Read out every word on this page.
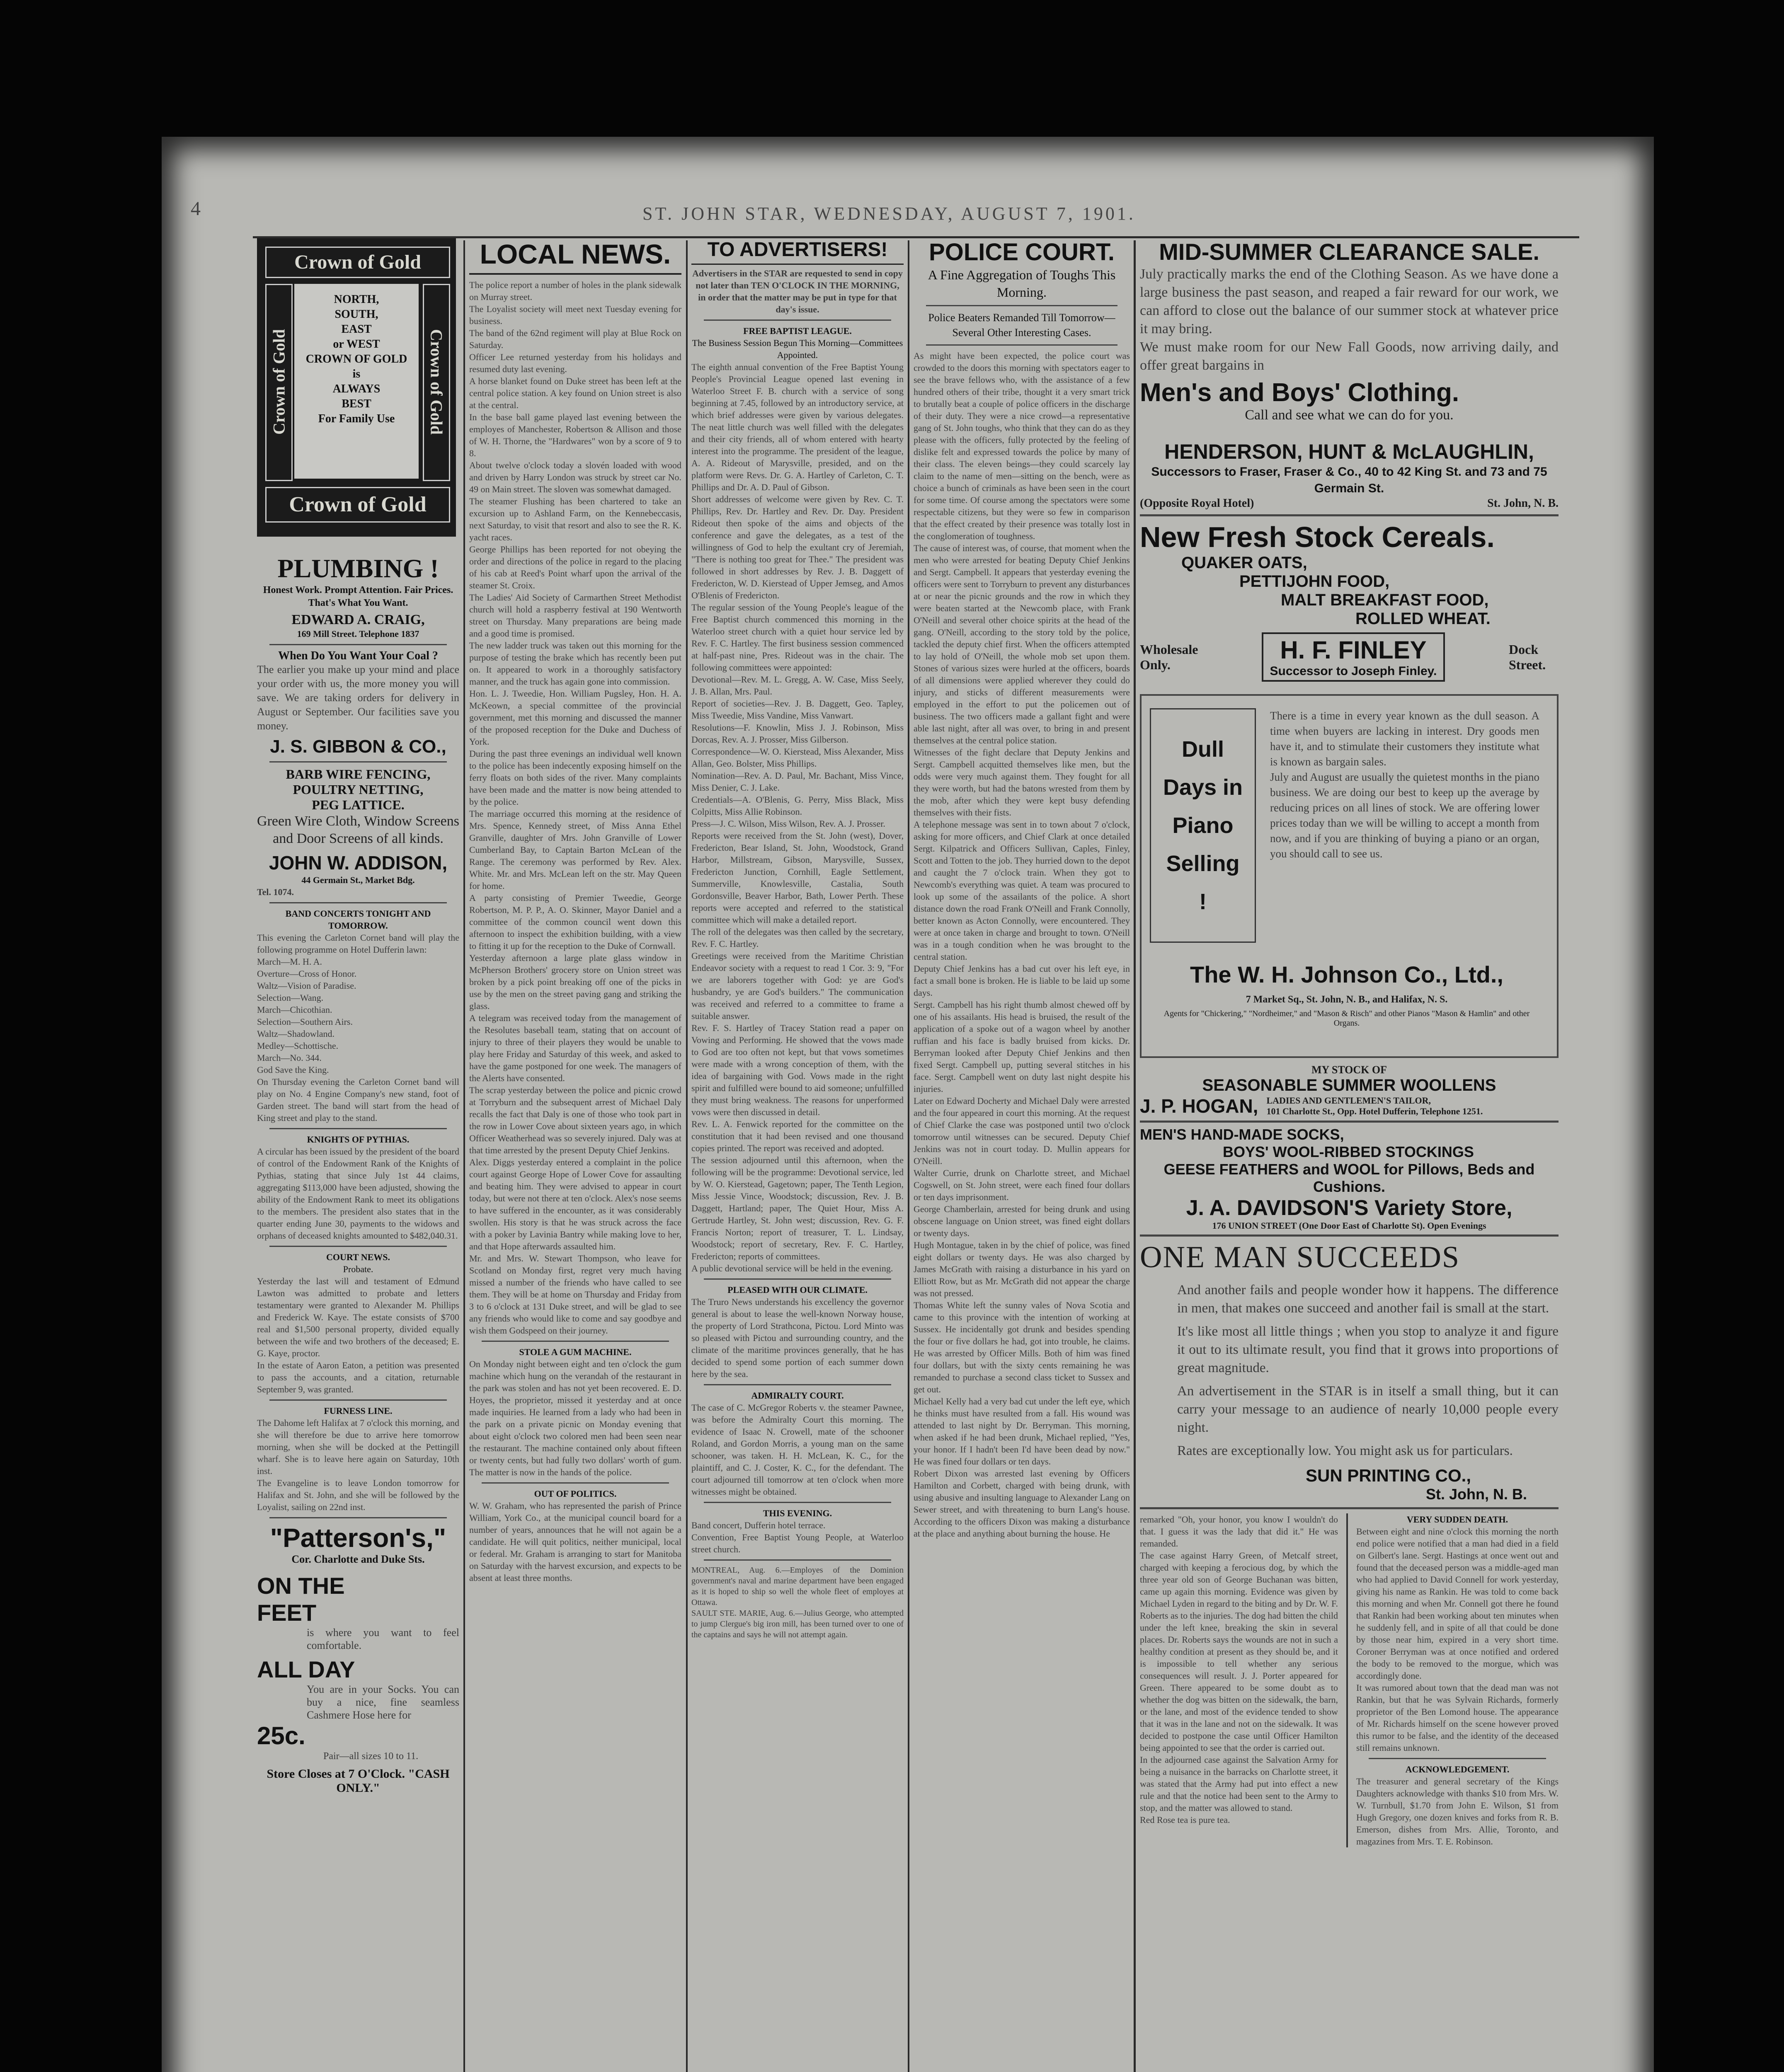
4	ST. JOHN STAR, WEDNESDAY, AUGUST 7, 1901.
Crown of Gold
Crown of Gold	Crown of Gold
NORTH,
SOUTH,
EAST
or WEST
CROWN OF GOLD
is
ALWAYS
BEST
For Family Use
Crown of Gold
PLUMBING !
Honest Work. Prompt Attention. Fair Prices. That's What You Want.
EDWARD A. CRAIG,
169 Mill Street. Telephone 1837
When Do You Want Your Coal ?
The earlier you make up your mind and place your order with us, the more money you will save. We are taking orders for delivery in August or September. Our facilities save you money.
J. S. GIBBON & CO.,
BARB WIRE FENCING,
POULTRY NETTING,
PEG LATTICE.
Green Wire Cloth, Window Screens and Door Screens of all kinds.
JOHN W. ADDISON,
44 Germain St., Market Bdg.
Tel. 1074.
BAND CONCERTS TONIGHT AND TOMORROW.
This evening the Carleton Cornet band will play the following programme on Hotel Dufferin lawn:
March—M. H. A.
Overture—Cross of Honor.
Waltz—Vision of Paradise.
Selection—Wang.
March—Chicothian.
Selection—Southern Airs.
Waltz—Shadowland.
Medley—Schottische.
March—No. 344.
God Save the King.
On Thursday evening the Carleton Cornet band will play on No. 4 Engine Company's new stand, foot of Garden street. The band will start from the head of King street and play to the stand.
KNIGHTS OF PYTHIAS.
A circular has been issued by the president of the board of control of the Endowment Rank of the Knights of Pythias, stating that since July 1st 44 claims, aggregating $113,000 have been adjusted, showing the ability of the Endowment Rank to meet its obligations to the members. The president also states that in the quarter ending June 30, payments to the widows and orphans of deceased knights amounted to $482,040.31.
COURT NEWS.
Probate.
Yesterday the last will and testament of Edmund Lawton was admitted to probate and letters testamentary were granted to Alexander M. Phillips and Frederick W. Kaye. The estate consists of $700 real and $1,500 personal property, divided equally between the wife and two brothers of the deceased; E. G. Kaye, proctor.
In the estate of Aaron Eaton, a petition was presented to pass the accounts, and a citation, returnable September 9, was granted.
FURNESS LINE.
The Dahome left Halifax at 7 o'clock this morning, and she will therefore be due to arrive here tomorrow morning, when she will be docked at the Pettingill wharf. She is to leave here again on Saturday, 10th inst.
The Evangeline is to leave London tomorrow for Halifax and St. John, and she will be followed by the Loyalist, sailing on 22nd inst.
"Patterson's,"
Cor. Charlotte and Duke Sts.
ON THE
FEET
is where you want to feel comfortable.
ALL DAY
You are in your Socks. You can buy a nice, fine seamless Cashmere Hose here for
25c.
Pair—all sizes 10 to 11.
Store Closes at 7 O'Clock. "CASH ONLY."
LOCAL NEWS.
The police report a number of holes in the plank sidewalk on Murray street.
The Loyalist society will meet next Tuesday evening for business.
The band of the 62nd regiment will play at Blue Rock on Saturday.
Officer Lee returned yesterday from his holidays and resumed duty last evening.
A horse blanket found on Duke street has been left at the central police station. A key found on Union street is also at the central.
In the base ball game played last evening between the employes of Manchester, Robertson & Allison and those of W. H. Thorne, the "Hardwares" won by a score of 9 to 8.
About twelve o'clock today a slovén loaded with wood and driven by Harry London was struck by street car No. 49 on Main street. The sloven was somewhat damaged.
The steamer Flushing has been chartered to take an excursion up to Ashland Farm, on the Kennebeccasis, next Saturday, to visit that resort and also to see the R. K. yacht races.
George Phillips has been reported for not obeying the order and directions of the police in regard to the placing of his cab at Reed's Point wharf upon the arrival of the steamer St. Croix.
The Ladies' Aid Society of Carmarthen Street Methodist church will hold a raspberry festival at 190 Wentworth street on Thursday. Many preparations are being made and a good time is promised.
The new ladder truck was taken out this morning for the purpose of testing the brake which has recently been put on. It appeared to work in a thoroughly satisfactory manner, and the truck has again gone into commission.
Hon. L. J. Tweedie, Hon. William Pugsley, Hon. H. A. McKeown, a special committee of the provincial government, met this morning and discussed the manner of the proposed reception for the Duke and Duchess of York.
During the past three evenings an individual well known to the police has been indecently exposing himself on the ferry floats on both sides of the river. Many complaints have been made and the matter is now being attended to by the police.
The marriage occurred this morning at the residence of Mrs. Spence, Kennedy street, of Miss Anna Ethel Granville, daughter of Mrs. John Granville of Lower Cumberland Bay, to Captain Barton McLean of the Range. The ceremony was performed by Rev. Alex. White. Mr. and Mrs. McLean left on the str. May Queen for home.
A party consisting of Premier Tweedie, George Robertson, M. P. P., A. O. Skinner, Mayor Daniel and a committee of the common council went down this afternoon to inspect the exhibition building, with a view to fitting it up for the reception to the Duke of Cornwall.
Yesterday afternoon a large plate glass window in McPherson Brothers' grocery store on Union street was broken by a pick point breaking off one of the picks in use by the men on the street paving gang and striking the glass.
A telegram was received today from the management of the Resolutes baseball team, stating that on account of injury to three of their players they would be unable to play here Friday and Saturday of this week, and asked to have the game postponed for one week. The managers of the Alerts have consented.
The scrap yesterday between the police and picnic crowd at Torryburn and the subsequent arrest of Michael Daly recalls the fact that Daly is one of those who took part in the row in Lower Cove about sixteen years ago, in which Officer Weatherhead was so severely injured. Daly was at that time arrested by the present Deputy Chief Jenkins.
Alex. Diggs yesterday entered a complaint in the police court against George Hope of Lower Cove for assaulting and beating him. They were advised to appear in court today, but were not there at ten o'clock. Alex's nose seems to have suffered in the encounter, as it was considerably swollen. His story is that he was struck across the face with a poker by Lavinia Bantry while making love to her, and that Hope afterwards assaulted him.
Mr. and Mrs. W. Stewart Thompson, who leave for Scotland on Monday first, regret very much having missed a number of the friends who have called to see them. They will be at home on Thursday and Friday from 3 to 6 o'clock at 131 Duke street, and will be glad to see any friends who would like to come and say goodbye and wish them Godspeed on their journey.
STOLE A GUM MACHINE.
On Monday night between eight and ten o'clock the gum machine which hung on the verandah of the restaurant in the park was stolen and has not yet been recovered. E. D. Hoyes, the proprietor, missed it yesterday and at once made inquiries. He learned from a lady who had been in the park on a private picnic on Monday evening that about eight o'clock two colored men had been seen near the restaurant. The machine contained only about fifteen or twenty cents, but had fully two dollars' worth of gum. The matter is now in the hands of the police.
OUT OF POLITICS.
W. W. Graham, who has represented the parish of Prince William, York Co., at the municipal council board for a number of years, announces that he will not again be a candidate. He will quit politics, neither municipal, local or federal. Mr. Graham is arranging to start for Manitoba on Saturday with the harvest excursion, and expects to be absent at least three months.
TO ADVERTISERS!
Advertisers in the STAR are requested to send in copy not later than TEN O'CLOCK IN THE MORNING, in order that the matter may be put in type for that day's issue.
FREE BAPTIST LEAGUE.
The Business Session Begun This Morning—Committees Appointed.
The eighth annual convention of the Free Baptist Young People's Provincial League opened last evening in Waterloo Street F. B. church with a service of song beginning at 7.45, followed by an introductory service, at which brief addresses were given by various delegates. The neat little church was well filled with the delegates and their city friends, all of whom entered with hearty interest into the programme. The president of the league, A. A. Rideout of Marysville, presided, and on the platform were Revs. Dr. G. A. Hartley of Carleton, C. T. Phillips and Dr. A. D. Paul of Gibson.
Short addresses of welcome were given by Rev. C. T. Phillips, Rev. Dr. Hartley and Rev. Dr. Day. President Rideout then spoke of the aims and objects of the conference and gave the delegates, as a test of the willingness of God to help the exultant cry of Jeremiah, "There is nothing too great for Thee." The president was followed in short addresses by Rev. J. B. Daggett of Fredericton, W. D. Kierstead of Upper Jemseg, and Amos O'Blenis of Fredericton.
The regular session of the Young People's league of the Free Baptist church commenced this morning in the Waterloo street church with a quiet hour service led by Rev. F. C. Hartley. The first business session commenced at half-past nine, Pres. Rideout was in the chair. The following committees were appointed:
Devotional—Rev. M. L. Gregg, A. W. Case, Miss Seely, J. B. Allan, Mrs. Paul.
Report of societies—Rev. J. B. Daggett, Geo. Tapley, Miss Tweedie, Miss Vandine, Miss Vanwart.
Resolutions—F. Knowlin, Miss J. J. Robinson, Miss Dorcas, Rev. A. J. Prosser, Miss Gilberson.
Correspondence—W. O. Kierstead, Miss Alexander, Miss Allan, Geo. Bolster, Miss Phillips.
Nomination—Rev. A. D. Paul, Mr. Bachant, Miss Vince, Miss Denier, C. J. Lake.
Credentials—A. O'Blenis, G. Perry, Miss Black, Miss Colpitts, Miss Allie Robinson.
Press—J. C. Wilson, Miss Wilson, Rev. A. J. Prosser.
Reports were received from the St. John (west), Dover, Fredericton, Bear Island, St. John, Woodstock, Grand Harbor, Millstream, Gibson, Marysville, Sussex, Fredericton Junction, Cornhill, Eagle Settlement, Summerville, Knowlesville, Castalia, South Gordonsville, Beaver Harbor, Bath, Lower Perth. These reports were accepted and referred to the statistical committee which will make a detailed report.
The roll of the delegates was then called by the secretary, Rev. F. C. Hartley.
Greetings were received from the Maritime Christian Endeavor society with a request to read 1 Cor. 3: 9, "For we are laborers together with God: ye are God's husbandry, ye are God's builders." The communication was received and referred to a committee to frame a suitable answer.
Rev. F. S. Hartley of Tracey Station read a paper on Vowing and Performing. He showed that the vows made to God are too often not kept, but that vows sometimes were made with a wrong conception of them, with the idea of bargaining with God. Vows made in the right spirit and fulfilled were bound to aid someone; unfulfilled they must bring weakness. The reasons for unperformed vows were then discussed in detail.
Rev. L. A. Fenwick reported for the committee on the constitution that it had been revised and one thousand copies printed. The report was received and adopted.
The session adjourned until this afternoon, when the following will be the programme: Devotional service, led by W. O. Kierstead, Gagetown; paper, The Tenth Legion, Miss Jessie Vince, Woodstock; discussion, Rev. J. B. Daggett, Hartland; paper, The Quiet Hour, Miss A. Gertrude Hartley, St. John west; discussion, Rev. G. F. Francis Norton; report of treasurer, T. L. Lindsay, Woodstock; report of secretary, Rev. F. C. Hartley, Fredericton; reports of committees.
A public devotional service will be held in the evening.
PLEASED WITH OUR CLIMATE.
The Truro News understands his excellency the governor general is about to lease the well-known Norway house, the property of Lord Strathcona, Pictou. Lord Minto was so pleased with Pictou and surrounding country, and the climate of the maritime provinces generally, that he has decided to spend some portion of each summer down here by the sea.
ADMIRALTY COURT.
The case of C. McGregor Roberts v. the steamer Pawnee, was before the Admiralty Court this morning. The evidence of Isaac N. Crowell, mate of the schooner Roland, and Gordon Morris, a young man on the same schooner, was taken. H. H. McLean, K. C., for the plaintiff, and C. J. Coster, K. C., for the defendant. The court adjourned till tomorrow at ten o'clock when more witnesses might be obtained.
THIS EVENING.
Band concert, Dufferin hotel terrace.
Convention, Free Baptist Young People, at Waterloo street church.
MONTREAL, Aug. 6.—Employes of the Dominion government's naval and marine department have been engaged as it is hoped to ship so well the whole fleet of employes at Ottawa.
SAULT STE. MARIE, Aug. 6.—Julius George, who attempted to jump Clergue's big iron mill, has been turned over to one of the captains and says he will not attempt again.
POLICE COURT.
A Fine Aggregation of Toughs This Morning.
Police Beaters Remanded Till Tomorrow—Several Other Interesting Cases.
As might have been expected, the police court was crowded to the doors this morning with spectators eager to see the brave fellows who, with the assistance of a few hundred others of their tribe, thought it a very smart trick to brutally beat a couple of police officers in the discharge of their duty. They were a nice crowd—a representative gang of St. John toughs, who think that they can do as they please with the officers, fully protected by the feeling of dislike felt and expressed towards the police by many of their class. The eleven beings—they could scarcely lay claim to the name of men—sitting on the bench, were as choice a bunch of criminals as have been seen in the court for some time. Of course among the spectators were some respectable citizens, but they were so few in comparison that the effect created by their presence was totally lost in the conglomeration of toughness.
The cause of interest was, of course, that moment when the men who were arrested for beating Deputy Chief Jenkins and Sergt. Campbell. It appears that yesterday evening the officers were sent to Torryburn to prevent any disturbances at or near the picnic grounds and the row in which they were beaten started at the Newcomb place, with Frank O'Neill and several other choice spirits at the head of the gang. O'Neill, according to the story told by the police, tackled the deputy chief first. When the officers attempted to lay hold of O'Neill, the whole mob set upon them. Stones of various sizes were hurled at the officers, boards of all dimensions were applied wherever they could do injury, and sticks of different measurements were employed in the effort to put the policemen out of business. The two officers made a gallant fight and were able last night, after all was over, to bring in and present themselves at the central police station.
Witnesses of the fight declare that Deputy Jenkins and Sergt. Campbell acquitted themselves like men, but the odds were very much against them. They fought for all they were worth, but had the batons wrested from them by the mob, after which they were kept busy defending themselves with their fists.
A telephone message was sent in to town about 7 o'clock, asking for more officers, and Chief Clark at once detailed Sergt. Kilpatrick and Officers Sullivan, Caples, Finley, Scott and Totten to the job. They hurried down to the depot and caught the 7 o'clock train. When they got to Newcomb's everything was quiet. A team was procured to look up some of the assailants of the police. A short distance down the road Frank O'Neill and Frank Connolly, better known as Acton Connolly, were encountered. They were at once taken in charge and brought to town. O'Neill was in a tough condition when he was brought to the central station.
Deputy Chief Jenkins has a bad cut over his left eye, in fact a small bone is broken. He is liable to be laid up some days.
Sergt. Campbell has his right thumb almost chewed off by one of his assailants. His head is bruised, the result of the application of a spoke out of a wagon wheel by another ruffian and his face is badly bruised from kicks. Dr. Berryman looked after Deputy Chief Jenkins and then fixed Sergt. Campbell up, putting several stitches in his face. Sergt. Campbell went on duty last night despite his injuries.
Later on Edward Docherty and Michael Daly were arrested and the four appeared in court this morning. At the request of Chief Clarke the case was postponed until two o'clock tomorrow until witnesses can be secured. Deputy Chief Jenkins was not in court today. D. Mullin appears for O'Neill.
Walter Currie, drunk on Charlotte street, and Michael Cogswell, on St. John street, were each fined four dollars or ten days imprisonment.
George Chamberlain, arrested for being drunk and using obscene language on Union street, was fined eight dollars or twenty days.
Hugh Montague, taken in by the chief of police, was fined eight dollars or twenty days. He was also charged by James McGrath with raising a disturbance in his yard on Elliott Row, but as Mr. McGrath did not appear the charge was not pressed.
Thomas White left the sunny vales of Nova Scotia and came to this province with the intention of working at Sussex. He incidentally got drunk and besides spending the four or five dollars he had, got into trouble, he claims. He was arrested by Officer Mills. Both of him was fined four dollars, but with the sixty cents remaining he was remanded to purchase a second class ticket to Sussex and get out.
Michael Kelly had a very bad cut under the left eye, which he thinks must have resulted from a fall. His wound was attended to last night by Dr. Berryman. This morning, when asked if he had been drunk, Michael replied, "Yes, your honor. If I hadn't been I'd have been dead by now." He was fined four dollars or ten days.
Robert Dixon was arrested last evening by Officers Hamilton and Corbett, charged with being drunk, with using abusive and insulting language to Alexander Lang on Sewer street, and with threatening to burn Lang's house. According to the officers Dixon was making a disturbance at the place and anything about burning the house. He
MID-SUMMER CLEARANCE SALE.
July practically marks the end of the Clothing Season. As we have done a large business the past season, and reaped a fair reward for our work, we can afford to close out the balance of our summer stock at whatever price it may bring.
We must make room for our New Fall Goods, now arriving daily, and offer great bargains in
Men's and Boys' Clothing.
Call and see what we can do for you.
HENDERSON, HUNT & McLAUGHLIN,
Successors to Fraser, Fraser & Co., 40 to 42 King St. and 73 and 75 Germain St.
(Opposite Royal Hotel)	St. John, N. B.
New Fresh Stock Cereals.
QUAKER OATS,
PETTIJOHN FOOD,
MALT BREAKFAST FOOD,
ROLLED WHEAT.
Wholesale Only.
H. F. FINLEY
Successor to Joseph Finley.
Dock Street.
Dull Days in Piano Selling !
There is a time in every year known as the dull season. A time when buyers are lacking in interest. Dry goods men have it, and to stimulate their customers they institute what is known as bargain sales.
July and August are usually the quietest months in the piano business. We are doing our best to keep up the average by reducing prices on all lines of stock. We are offering lower prices today than we will be willing to accept a month from now, and if you are thinking of buying a piano or an organ, you should call to see us.
The W. H. Johnson Co., Ltd.,
7 Market Sq., St. John, N. B., and Halifax, N. S.
Agents for "Chickering," "Nordheimer," and "Mason & Risch" and other Pianos "Mason & Hamlin" and other Organs.
MY STOCK OF
SEASONABLE SUMMER WOOLLENS
J. P. HOGAN, LADIES AND GENTLEMEN'S TAILOR,
101 Charlotte St., Opp. Hotel Dufferin, Telephone 1251.
MEN'S HAND-MADE SOCKS,
BOYS' WOOL-RIBBED STOCKINGS
GEESE FEATHERS and WOOL for Pillows, Beds and Cushions.
J. A. DAVIDSON'S Variety Store,
176 UNION STREET (One Door East of Charlotte St). Open Evenings
ONE MAN SUCCEEDS
And another fails and people wonder how it happens. The difference in men, that makes one succeed and another fail is small at the start.
It's like most all little things ; when you stop to analyze it and figure it out to its ultimate result, you find that it grows into proportions of great magnitude.
An advertisement in the STAR is in itself a small thing, but it can carry your message to an audience of nearly 10,000 people every night.
Rates are exceptionally low. You might ask us for particulars.
SUN PRINTING CO.,
St. John, N. B.
remarked "Oh, your honor, you know I wouldn't do that. I guess it was the lady that did it." He was remanded.
The case against Harry Green, of Metcalf street, charged with keeping a ferocious dog, by which the three year old son of George Buchanan was bitten, came up again this morning. Evidence was given by Michael Lyden in regard to the biting and by Dr. W. F. Roberts as to the injuries. The dog had bitten the child under the left knee, breaking the skin in several places. Dr. Roberts says the wounds are not in such a healthy condition at present as they should be, and it is impossible to tell whether any serious consequences will result. J. J. Porter appeared for Green. There appeared to be some doubt as to whether the dog was bitten on the sidewalk, the barn, or the lane, and most of the evidence tended to show that it was in the lane and not on the sidewalk. It was decided to postpone the case until Officer Hamilton being appointed to see that the order is carried out.
In the adjourned case against the Salvation Army for being a nuisance in the barracks on Charlotte street, it was stated that the Army had put into effect a new rule and that the notice had been sent to the Army to stop, and the matter was allowed to stand.
Red Rose tea is pure tea.
VERY SUDDEN DEATH.
Between eight and nine o'clock this morning the north end police were notified that a man had died in a field on Gilbert's lane. Sergt. Hastings at once went out and found that the deceased person was a middle-aged man who had applied to David Connell for work yesterday, giving his name as Rankin. He was told to come back this morning and when Mr. Connell got there he found that Rankin had been working about ten minutes when he suddenly fell, and in spite of all that could be done by those near him, expired in a very short time. Coroner Berryman was at once notified and ordered the body to be removed to the morgue, which was accordingly done.
It was rumored about town that the dead man was not Rankin, but that he was Sylvain Richards, formerly proprietor of the Ben Lomond house. The appearance of Mr. Richards himself on the scene however proved this rumor to be false, and the identity of the deceased still remains unknown.
ACKNOWLEDGEMENT.
The treasurer and general secretary of the Kings Daughters acknowledge with thanks $10 from Mrs. W. W. Turnbull, $1.70 from John E. Wilson, $1 from Hugh Gregory, one dozen knives and forks from R. B. Emerson, dishes from Mrs. Allie, Toronto, and magazines from Mrs. T. E. Robinson.
